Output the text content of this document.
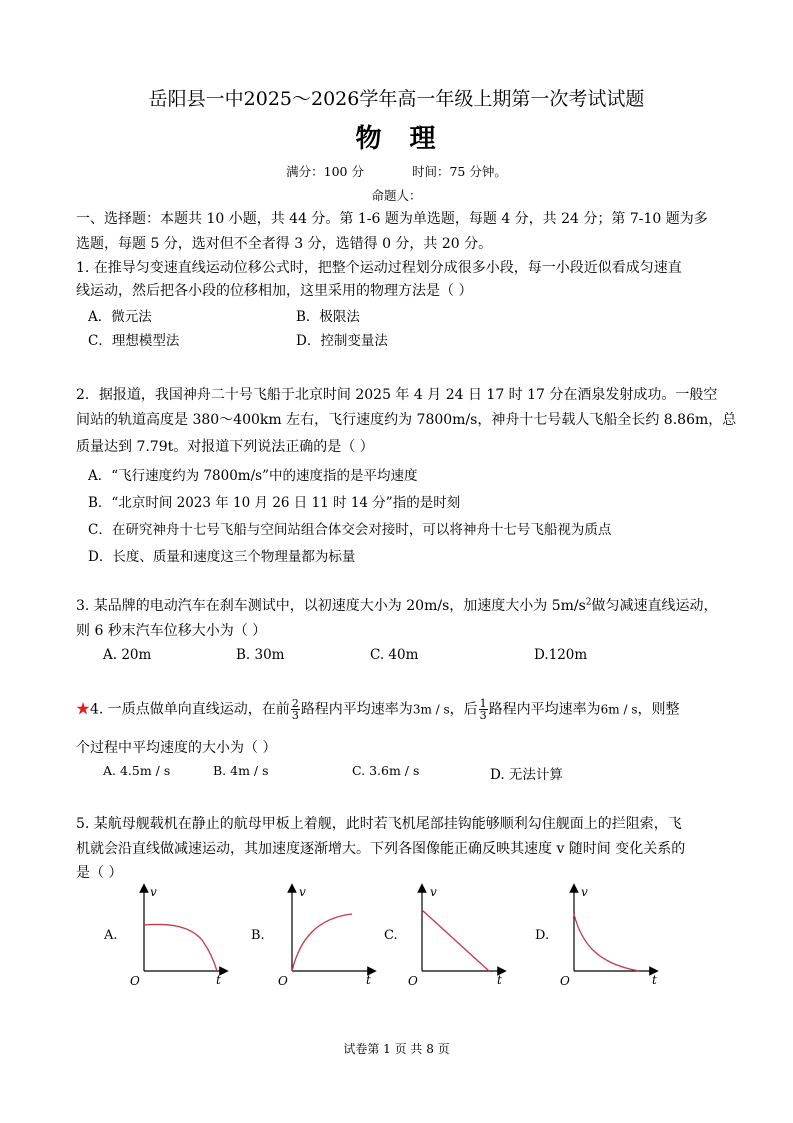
岳阳县一中2025～2026学年高一年级上期第一次考试试题
物 理
满分：100 分	时间：75 分钟。
命题人：
一、选择题：本题共 10 小题，共 44 分。第 1-6 题为单选题，每题 4 分，共 24 分；第 7-10 题为多
选题，每题 5 分，选对但不全者得 3 分，选错得 0 分，共 20 分。
1. 在推导匀变速直线运动位移公式时，把整个运动过程划分成很多小段，每一小段近似看成匀速直
线运动，然后把各小段的位移相加，这里采用的物理方法是（ ）
A．微元法	B．极限法
C．理想模型法	D．控制变量法
2．据报道，我国神舟二十号飞船于北京时间 2025 年 4 月 24 日 17 时 17 分在酒泉发射成功。一般空
间站的轨道高度是 380～400km 左右，飞行速度约为 7800m/s，神舟十七号载人飞船全长约 8.86m，总
质量达到 7.79t。对报道下列说法正确的是（ ）
A．“飞行速度约为 7800m/s”中的速度指的是平均速度
B．“北京时间 2023 年 10 月 26 日 11 时 14 分”指的是时刻
C．在研究神舟十七号飞船与空间站组合体交会对接时，可以将神舟十七号飞船视为质点
D．长度、质量和速度这三个物理量都为标量
3. 某品牌的电动汽车在刹车测试中，以初速度大小为 20m/s，加速度大小为 $5m/s^2$做匀减速直线运动，
则 6 秒末汽车位移大小为（ ）
A. 20m	B. 30m	C. 40m	D.120m
★4. 一质点做单向直线运动，在前 $\frac{2}{3}$ 路程内平均速率为3m / s，后 $\frac{1}{3}$ 路程内平均速率为6m / s，则整
个过程中平均速度的大小为（ ）
A. 4.5m / s	B. 4m / s	C. 3.6m / s	D. 无法计算
5. 某航母舰载机在静止的航母甲板上着舰，此时若飞机尾部挂钩能够顺利勾住舰面上的拦阻索，飞
机就会沿直线做减速运动，其加速度逐渐增大。下列各图像能正确反映其速度 v 随时间 变化关系的
是（ ）
A.	B.	C.	D.
v
t
O
v
t
O
v
t
O
v
t
O
试卷第 1 页 共 8 页
